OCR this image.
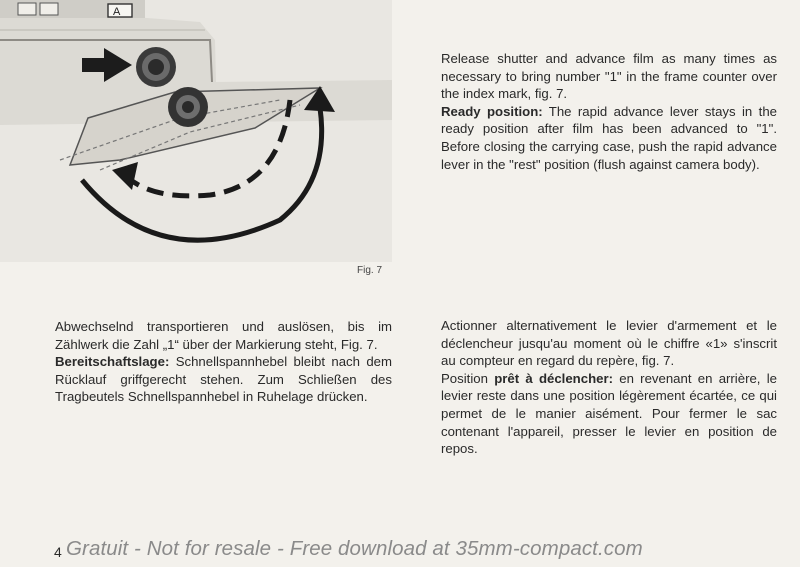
A
Fig. 7

Release shutter and advance film as many times as necessary to bring number "1" in the frame counter over the index mark, fig. 7.
Ready position: The rapid advance lever stays in the ready position after film has been advanced to "1". Before closing the carrying case, push the rapid advance lever in the "rest" position (flush against camera body).

Abwechselnd transportieren und auslösen, bis im Zählwerk die Zahl „1“ über der Markierung steht, Fig. 7.
Bereitschaftslage: Schnellspannhebel bleibt nach dem Rücklauf griffgerecht stehen. Zum Schließen des Tragbeutels Schnellspannhebel in Ruhelage drücken.

Actionner alternativement le levier d'armement et le déclencheur jusqu'au moment où le chiffre «1» s'inscrit au compteur en regard du repère, fig. 7.
Position prêt à déclencher: en revenant en arrière, le levier reste dans une position légèrement écartée, ce qui permet de le manier aisément. Pour fermer le sac contenant l'appareil, presser le levier en position de repos.

4 Gratuit - Not for resale - Free download at 35mm-compact.com
